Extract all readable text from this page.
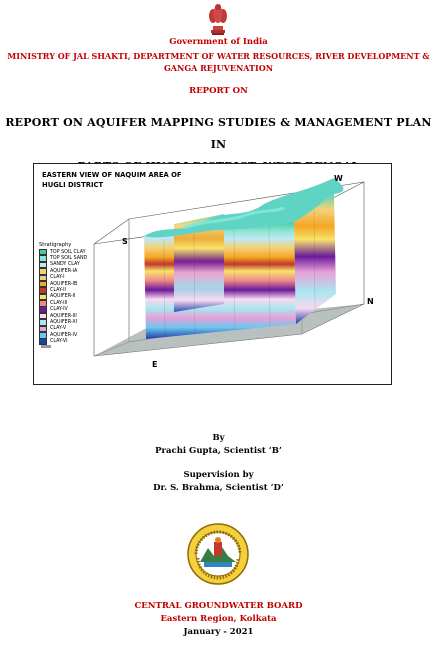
Government of India
MINISTRY OF JAL SHAKTI, DEPARTMENT OF WATER RESOURCES, RIVER DEVELOPMENT & GANGA REJUVENATION
REPORT ON
REPORT ON AQUIFER MAPPING STUDIES & MANAGEMENT PLAN IN
EASTERN VIEW OF NAQUIM AREA OF
HUGLI DISTRICT
W
S
N
E
Stratigraphy
TOP SOIL CLAY
TOP SOIL SAND
SANDY CLAY
AQUIFER-IA
CLAY-I
AQUIFER-IB
CLAY-II
AQUIFER-II
CLAY-III
CLAY-IV
AQUIFER-III
AQUIFER-XI
CLAY-V
AQUIFER-IV
CLAY-VI
By
Prachi Gupta, Scientist ‘B’
Supervision by
Dr. S. Brahma, Scientist ‘D’
CENTRAL GROUNDWATER BOARD
Eastern Region, Kolkata
January - 2021
